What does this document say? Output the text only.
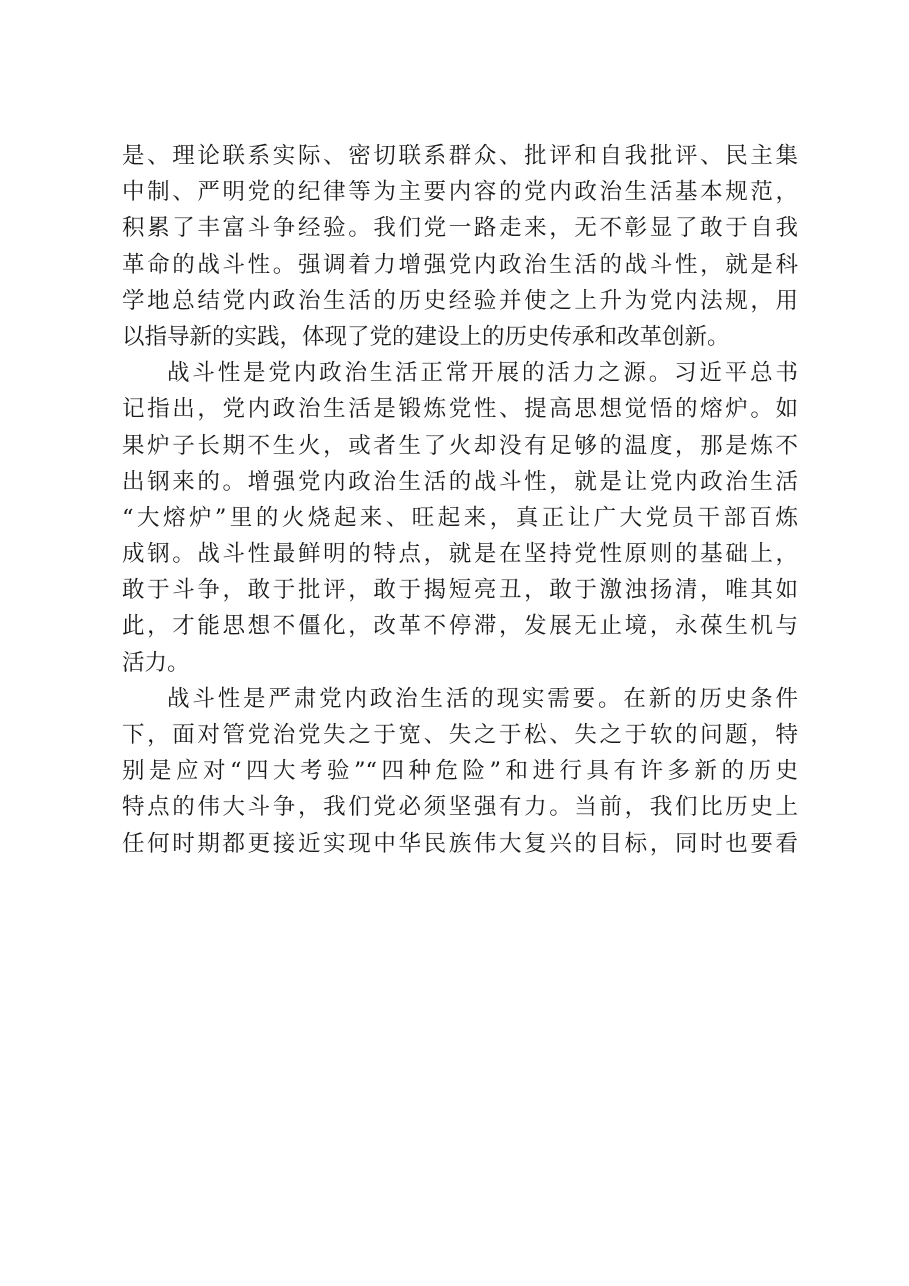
是、理论联系实际、密切联系群众、批评和自我批评、民主集
中制、严明党的纪律等为主要内容的党内政治生活基本规范，
积累了丰富斗争经验。我们党一路走来，无不彰显了敢于自我
革命的战斗性。强调着力增强党内政治生活的战斗性，就是科
学地总结党内政治生活的历史经验并使之上升为党内法规，用
以指导新的实践，体现了党的建设上的历史传承和改革创新。
战斗性是党内政治生活正常开展的活力之源。习近平总书
记指出，党内政治生活是锻炼党性、提高思想觉悟的熔炉。如
果炉子长期不生火，或者生了火却没有足够的温度，那是炼不
出钢来的。增强党内政治生活的战斗性，就是让党内政治生活
“大熔炉”里的火烧起来、旺起来，真正让广大党员干部百炼
成钢。战斗性最鲜明的特点，就是在坚持党性原则的基础上，
敢于斗争，敢于批评，敢于揭短亮丑，敢于激浊扬清，唯其如
此，才能思想不僵化，改革不停滞，发展无止境，永葆生机与
活力。
战斗性是严肃党内政治生活的现实需要。在新的历史条件
下，面对管党治党失之于宽、失之于松、失之于软的问题，特
别是应对“四大考验”“四种危险”和进行具有许多新的历史
特点的伟大斗争，我们党必须坚强有力。当前，我们比历史上
任何时期都更接近实现中华民族伟大复兴的目标，同时也要看
